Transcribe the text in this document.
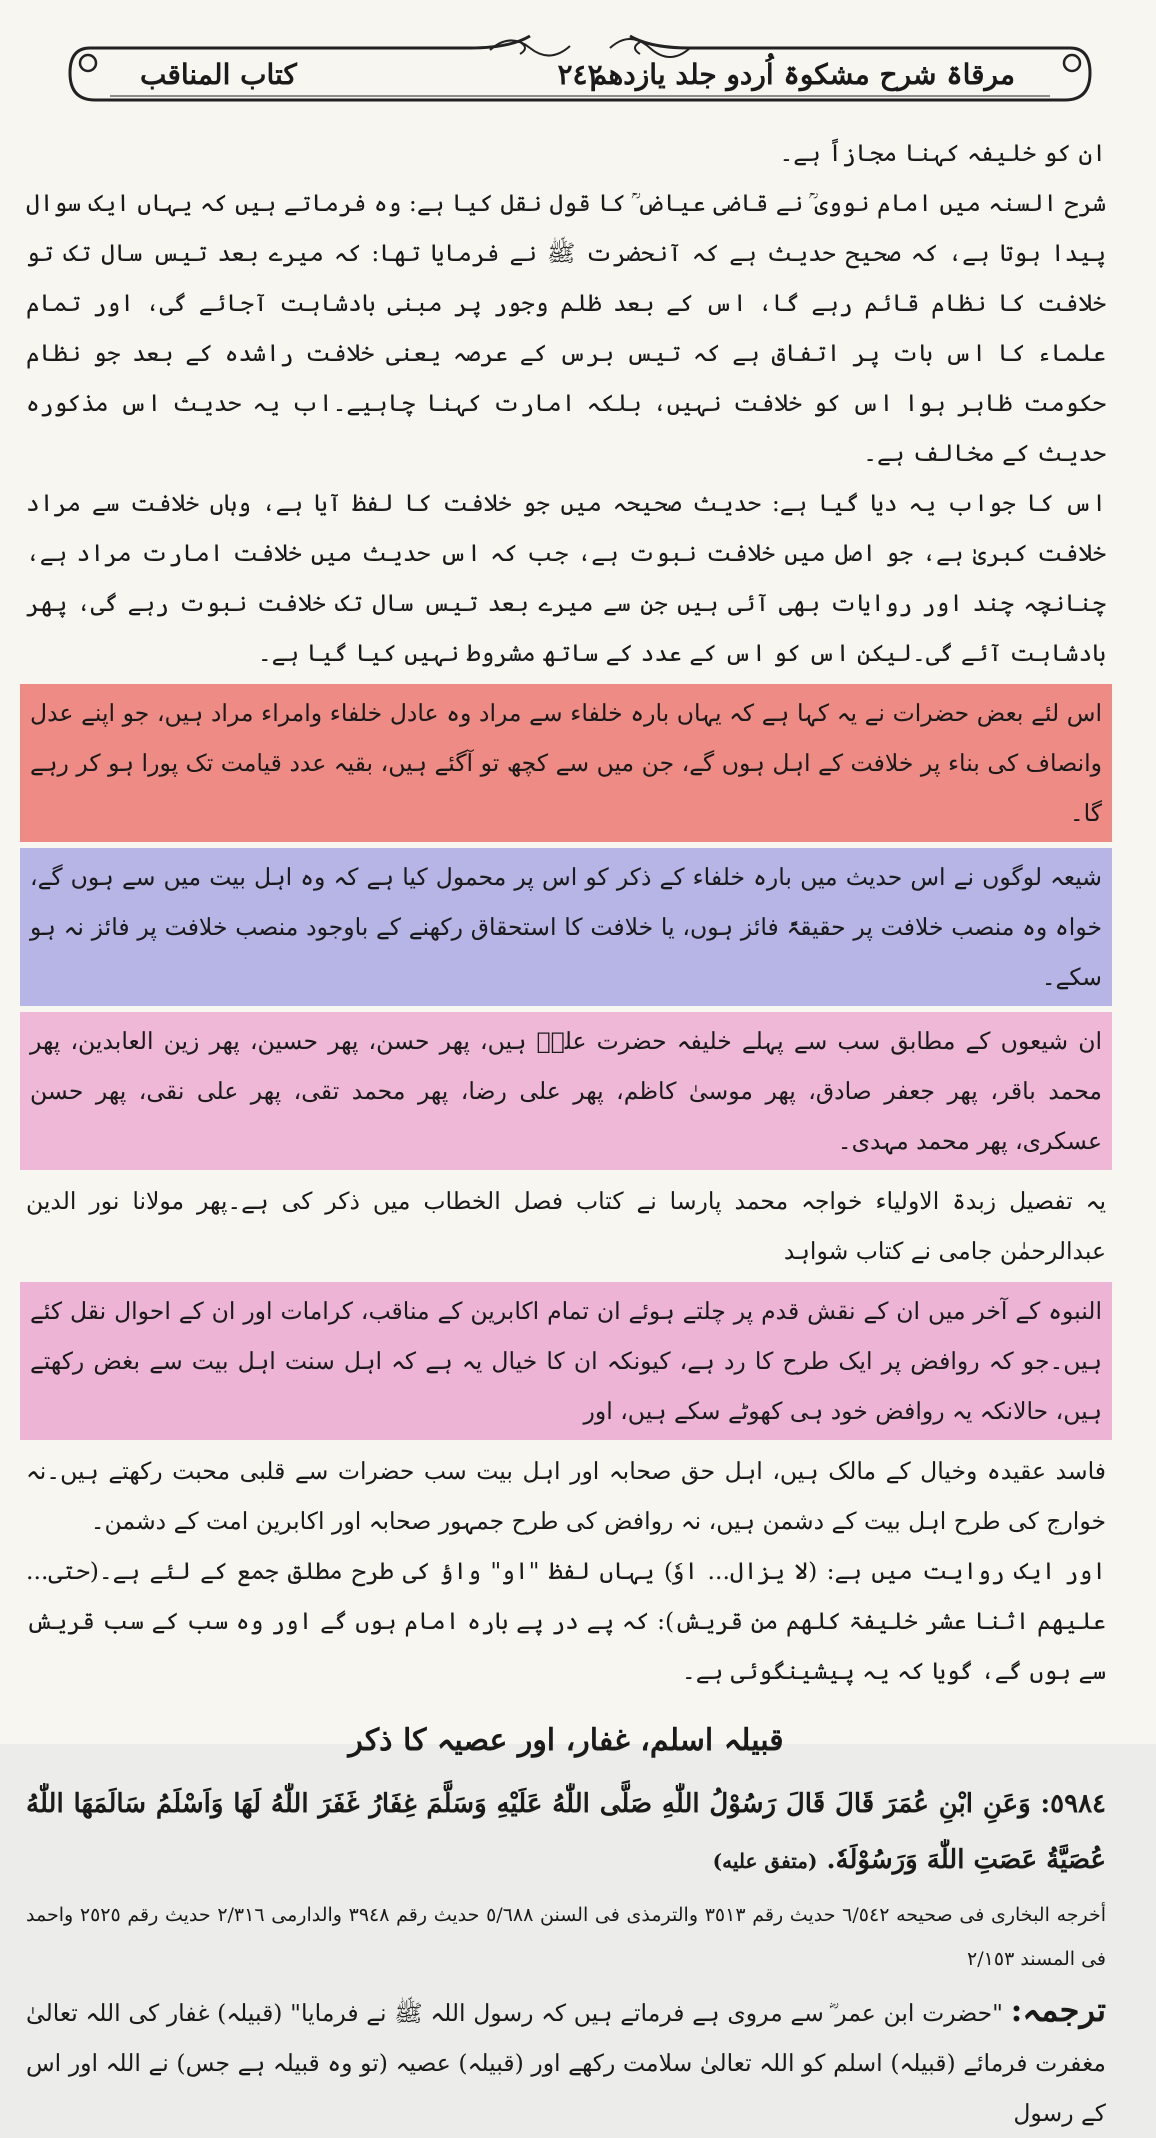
مرقاۃ شرح مشکوۃ اُردو جلد یازدھم
٢٤٢
کتاب المناقب

ان کو خلیفہ کہنا مجازاً ہے۔

شرح السنہ میں امام نووی ؒ نے قاضی عیاض ؒ کا قول نقل کیا ہے: وہ فرماتے ہیں کہ یہاں ایک سوال پیدا ہوتا ہے، کہ صحیح حدیث ہے کہ آنحضرت ﷺ نے فرمایا تھا: کہ میرے بعد تیس سال تک تو خلافت کا نظام قائم رہے گا، اس کے بعد ظلم وجور پر مبنی بادشاہت آجائے گی، اور تمام علماء کا اس بات پر اتفاق ہے کہ تیس برس کے عرصہ یعنی خلافت راشدہ کے بعد جو نظام حکومت ظاہر ہوا اس کو خلافت نہیں، بلکہ امارت کہنا چاہیے۔اب یہ حدیث اس مذکورہ حدیث کے مخالف ہے۔

اس کا جواب یہ دیا گیا ہے: حدیث صحیحہ میں جو خلافت کا لفظ آیا ہے، وہاں خلافت سے مراد خلافت کبریٰ ہے، جو اصل میں خلافت نبوت ہے، جب کہ اس حدیث میں خلافت امارت مراد ہے، چنانچہ چند اور روایات بھی آئی ہیں جن سے میرے بعد تیس سال تک خلافت نبوت رہے گی، پھر بادشاہت آئے گی۔لیکن اس کو اس کے عدد کے ساتھ مشروط نہیں کیا گیا ہے۔

اس لئے بعض حضرات نے یہ کہا ہے کہ یہاں بارہ خلفاء سے مراد وہ عادل خلفاء وامراء مراد ہیں، جو اپنے عدل وانصاف کی بناء پر خلافت کے اہل ہوں گے، جن میں سے کچھ تو آگئے ہیں، بقیہ عدد قیامت تک پورا ہو کر رہے گا۔

شیعہ لوگوں نے اس حدیث میں بارہ خلفاء کے ذکر کو اس پر محمول کیا ہے کہ وہ اہل بیت میں سے ہوں گے، خواہ وہ منصب خلافت پر حقیقۃً فائز ہوں، یا خلافت کا استحقاق رکھنے کے باوجود منصب خلافت پر فائز نہ ہو سکے۔

ان شیعوں کے مطابق سب سے پہلے خلیفہ حضرت علیؓ ہیں، پھر حسن، پھر حسین، پھر زین العابدین، پھر محمد باقر، پھر جعفر صادق، پھر موسیٰ کاظم، پھر علی رضا، پھر محمد تقی، پھر علی نقی، پھر حسن عسکری، پھر محمد مہدی۔

یہ تفصیل زبدۃ الاولیاء خواجہ محمد پارسا نے کتاب فصل الخطاب میں ذکر کی ہے۔پھر مولانا نور الدین عبدالرحمٰن جامی نے کتاب شواہد

النبوہ کے آخر میں ان کے نقش قدم پر چلتے ہوئے ان تمام اکابرین کے مناقب، کرامات اور ان کے احوال نقل کئے ہیں۔جو کہ روافض پر ایک طرح کا رد ہے، کیونکہ ان کا خیال یہ ہے کہ اہل سنت اہل بیت سے بغض رکھتے ہیں، حالانکہ یہ روافض خود ہی کھوٹے سکے ہیں، اور

فاسد عقیدہ وخیال کے مالک ہیں، اہل حق صحابہ اور اہل بیت سب حضرات سے قلبی محبت رکھتے ہیں۔نہ خوارج کی طرح اہل بیت کے دشمن ہیں، نہ روافض کی طرح جمہور صحابہ اور اکابرین امت کے دشمن۔

اور ایک روایت میں ہے: (لا یزال... اوٗ) یہاں لفظ "او" واؤ کی طرح مطلق جمع کے لئے ہے۔(حتی... علیھم اثنا عشر خلیفۃ کلھم من قریش): کہ پے در پے بارہ امام ہوں گے اور وہ سب کے سب قریش سے ہوں گے، گویا کہ یہ پیشینگوئی ہے۔

قبیلہ اسلم، غفار، اور عصیہ کا ذکر

٥٩٨٤: وَعَنِ ابْنِ عُمَرَ قَالَ قَالَ رَسُوْلُ اللّٰهِ صَلَّى اللّٰهُ عَلَيْهِ وَسَلَّمَ غِفَارُ غَفَرَ اللّٰهُ لَهَا وَاَسْلَمُ سَالَمَهَا اللّٰهُ عُصَيَّةُ عَصَتِ اللّٰهَ وَرَسُوْلَهٗ. (متفق علیه)

أخرجه البخاری فی صحیحه ٦/٥٤٢ حدیث رقم ٣٥١٣ والترمذی فی السنن ٥/٦٨٨ حدیث رقم ٣٩٤٨ والدارمی ٢/٣١٦ حدیث رقم ٢٥٢٥ واحمد فی المسند ٢/١٥٣

ترجمہ: "حضرت ابن عمر ؓ سے مروی ہے فرماتے ہیں کہ رسول اللہ ﷺ نے فرمایا" (قبیلہ) غفار کی اللہ تعالیٰ مغفرت فرمائے (قبیلہ) اسلم کو اللہ تعالیٰ سلامت رکھے اور (قبیلہ) عصیہ (تو وہ قبیلہ ہے جس) نے اللہ اور اس کے رسول
